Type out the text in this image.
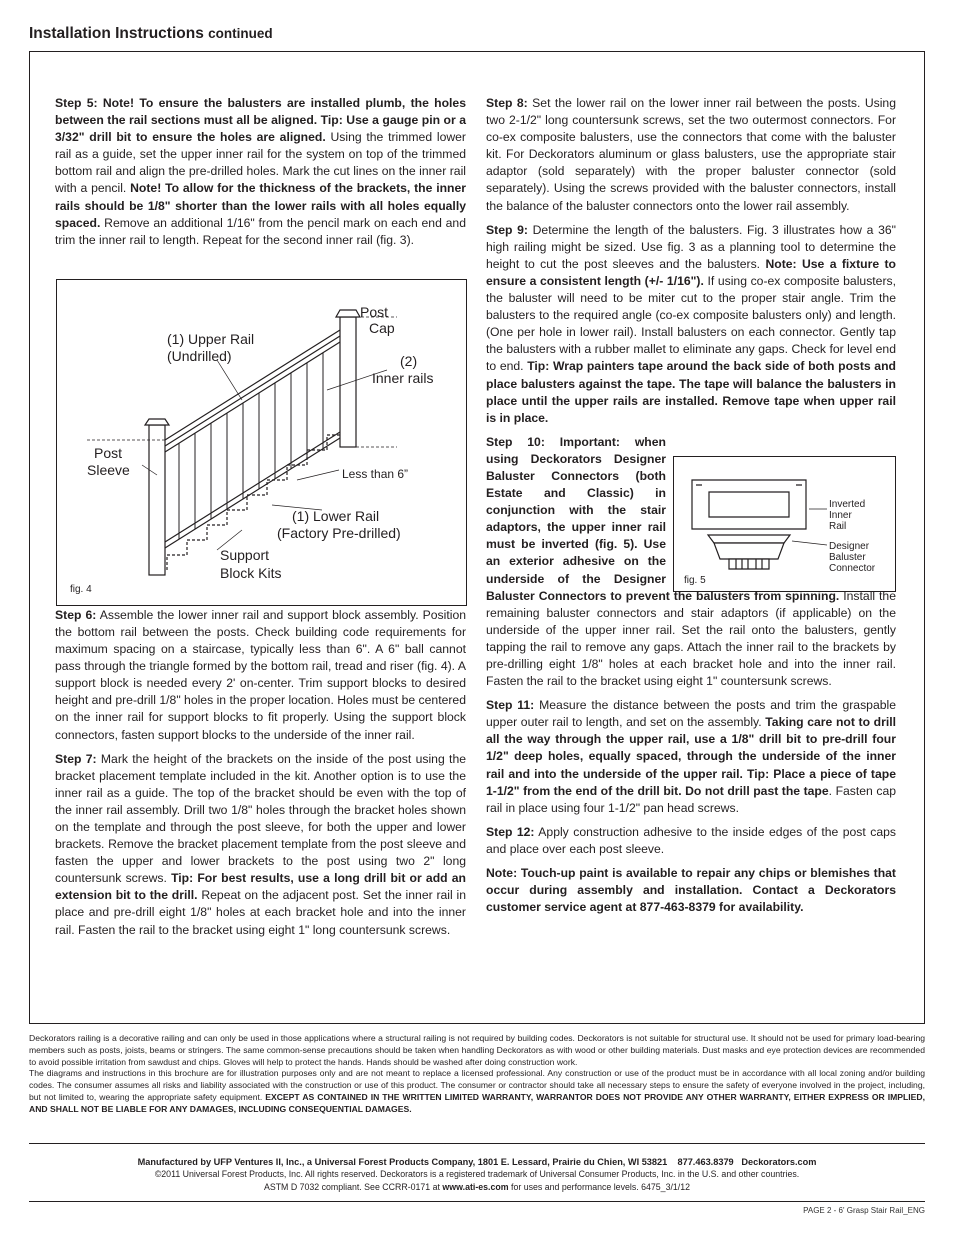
Installation Instructions continued

Step 5: Note! To ensure the balusters are installed plumb, the holes between the rail sections must all be aligned. Tip: Use a gauge pin or a 3/32" drill bit to ensure the holes are aligned. Using the trimmed lower rail as a guide, set the upper inner rail for the system on top of the trimmed bottom rail and align the pre-drilled holes. Mark the cut lines on the inner rail with a pencil. Note! To allow for the thickness of the brackets, the inner rails should be 1/8" shorter than the lower rails with all holes equally spaced. Remove an additional 1/16" from the pencil mark on each end and trim the inner rail to length. Repeat for the second inner rail (fig. 3).

Step 6: Assemble the lower inner rail and support block assembly. Position the bottom rail between the posts. Check building code requirements for maximum spacing on a staircase, typically less than 6". A 6" ball cannot pass through the triangle formed by the bottom rail, tread and riser (fig. 4). A support block is needed every 2' on-center. Trim support blocks to desired height and pre-drill 1/8" holes in the proper location. Holes must be centered on the inner rail for support blocks to fit properly. Using the support block connectors, fasten support blocks to the underside of the inner rail.

Step 7: Mark the height of the brackets on the inside of the post using the bracket placement template included in the kit. Another option is to use the inner rail as a guide. The top of the bracket should be even with the top of the inner rail assembly. Drill two 1/8" holes through the bracket holes shown on the template and through the post sleeve, for both the upper and lower brackets. Remove the bracket placement template from the post sleeve and fasten the upper and lower brackets to the post using two 2" long countersunk screws. Tip: For best results, use a long drill bit or add an extension bit to the drill. Repeat on the adjacent post. Set the inner rail in place and pre-drill eight 1/8" holes at each bracket hole and into the inner rail. Fasten the rail to the bracket using eight 1" long countersunk screws.

Post
Cap
(1) Upper Rail
(Undrilled)	(2)
Inner rails
Post
Sleeve	Less than 6”
(1) Lower Rail
(Factory Pre-drilled)
Support
Block Kits
fig. 4

Step 8: Set the lower rail on the lower inner rail between the posts. Using two 2-1/2" long countersunk screws, set the two outermost connectors. For co-ex composite balusters, use the connectors that come with the baluster kit. For Deckorators aluminum or glass balusters, use the appropriate stair adaptor (sold separately) with the proper baluster connector (sold separately). Using the screws provided with the baluster connectors, install the balance of the baluster connectors onto the lower rail assembly.

Step 9: Determine the length of the balusters. Fig. 3 illustrates how a 36" high railing might be sized. Use fig. 3 as a planning tool to determine the height to cut the post sleeves and the balusters. Note: Use a fixture to ensure a consistent length (+/- 1/16"). If using co-ex composite balusters, the baluster will need to be miter cut to the proper stair angle. Trim the balusters to the required angle (co-ex composite balusters only) and length. (One per hole in lower rail). Install balusters on each connector. Gently tap the balusters with a rubber mallet to eliminate any gaps. Check for level end to end. Tip: Wrap painters tape around the back side of both posts and place balusters against the tape. The tape will balance the balusters in place until the upper rails are installed. Remove tape when upper rail is in place.

Step 10: Important: when using Deckorators Designer Baluster Connectors (both Estate and Classic) in conjunction with the stair adaptors, the upper inner rail must be inverted (fig. 5). Use an exterior adhesive on the underside of the Designer Baluster Connectors to prevent the balusters from spinning. Install the remaining baluster connectors and stair adaptors (if applicable) on the underside of the upper inner rail. Set the rail onto the balusters, gently tapping the rail to remove any gaps. Attach the inner rail to the brackets by pre-drilling eight 1/8" holes at each bracket hole and into the inner rail. Fasten the rail to the bracket using eight 1" countersunk screws.

Step 11: Measure the distance between the posts and trim the graspable upper outer rail to length, and set on the assembly. Taking care not to drill all the way through the upper rail, use a 1/8" drill bit to pre-drill four 1/2" deep holes, equally spaced, through the underside of the inner rail and into the underside of the upper rail. Tip: Place a piece of tape 1-1/2" from the end of the drill bit. Do not drill past the tape. Fasten cap rail in place using four 1-1/2" pan head screws.

Step 12: Apply construction adhesive to the inside edges of the post caps and place over each post sleeve.

Note: Touch-up paint is available to repair any chips or blemishes that occur during assembly and installation. Contact a Deckorators customer service agent at 877-463-8379 for availability.

Inverted
Inner
Rail
Designer
Baluster
Connector
fig. 5

Deckorators railing is a decorative railing and can only be used in those applications where a structural railing is not required by building codes. Deckorators is not suitable for structural use. It should not be used for primary load-bearing members such as posts, joists, beams or stringers. The same common-sense precautions should be taken when handling Deckorators as with wood or other building materials. Dust masks and eye protection devices are recommended to avoid possible irritation from sawdust and chips. Gloves will help to protect the hands. Hands should be washed after doing construction work.

The diagrams and instructions in this brochure are for illustration purposes only and are not meant to replace a licensed professional. Any construction or use of the product must be in accordance with all local zoning and/or building codes. The consumer assumes all risks and liability associated with the construction or use of this product. The consumer or contractor should take all necessary steps to ensure the safety of everyone involved in the project, including, but not limited to, wearing the appropriate safety equipment. EXCEPT AS CONTAINED IN THE WRITTEN LIMITED WARRANTY, WARRANTOR DOES NOT PROVIDE ANY OTHER WARRANTY, EITHER EXPRESS OR IMPLIED, AND SHALL NOT BE LIABLE FOR ANY DAMAGES, INCLUDING CONSEQUENTIAL DAMAGES.

Manufactured by UFP Ventures II, Inc., a Universal Forest Products Company, 1801 E. Lessard, Prairie du Chien, WI 53821 877.463.8379 Deckorators.com
©2011 Universal Forest Products, Inc. All rights reserved. Deckorators is a registered trademark of Universal Consumer Products, Inc. in the U.S. and other countries.
ASTM D 7032 compliant. See CCRR-0171 at www.ati-es.com for uses and performance levels. 6475_3/1/12
PAGE 2 - 6' Grasp Stair Rail_ENG
